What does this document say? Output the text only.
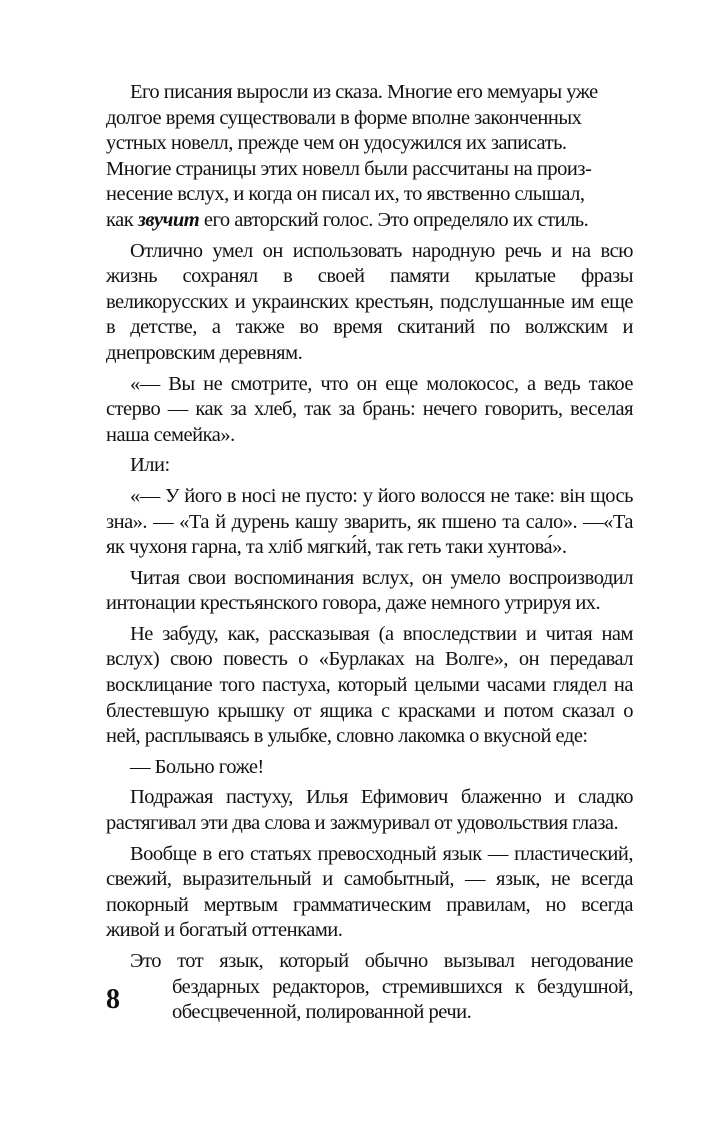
Его писания выросли из сказа. Многие его мемуары уже
долгое время существовали в форме вполне законченных
устных новелл, прежде чем он удосужился их записать.
Многие страницы этих новелл были рассчитаны на произ-
несение вслух, и когда он писал их, то явственно слышал,
как звучит его авторский голос. Это определяло их стиль.

Отлично умел он использовать народную речь и на всю жизнь сохранял в своей памяти крылатые фразы великорусских и украинских крестьян, подслушанные им еще в детстве, а также во время скитаний по волжским и днепровским деревням.

«— Вы не смотрите, что он еще молокосос, а ведь такое стерво — как за хлеб, так за брань: нечего говорить, веселая наша семейка».

Или:

«— У його в носі не пусто: у його волосся не таке: він щось зна». — «Та й дурень кашу зварить, як пшено та сало». —«Та як чухоня гарна, та хліб мягки́й, так геть таки хунтова́».

Читая свои воспоминания вслух, он умело воспроизводил интонации крестьянского говора, даже немного утрируя их.

Не забуду, как, рассказывая (а впоследствии и читая нам вслух) свою повесть о «Бурлаках на Волге», он передавал восклицание того пастуха, который целыми часами глядел на блестевшую крышку от ящика с красками и потом сказал о ней, расплываясь в улыбке, словно лакомка о вкусной еде:

— Больно гоже!

Подражая пастуху, Илья Ефимович блаженно и сладко растягивал эти два слова и зажмуривал от удовольствия глаза.

Вообще в его статьях превосходный язык — пластический, свежий, выразительный и самобытный, — язык, не всегда покорный мертвым грамматическим правилам, но всегда живой и богатый оттенками.

Это тот язык, который обычно вызывал негодование
бездарных редакторов, стремившихся к бездушной, обесцвеченной, полированной речи.

8
